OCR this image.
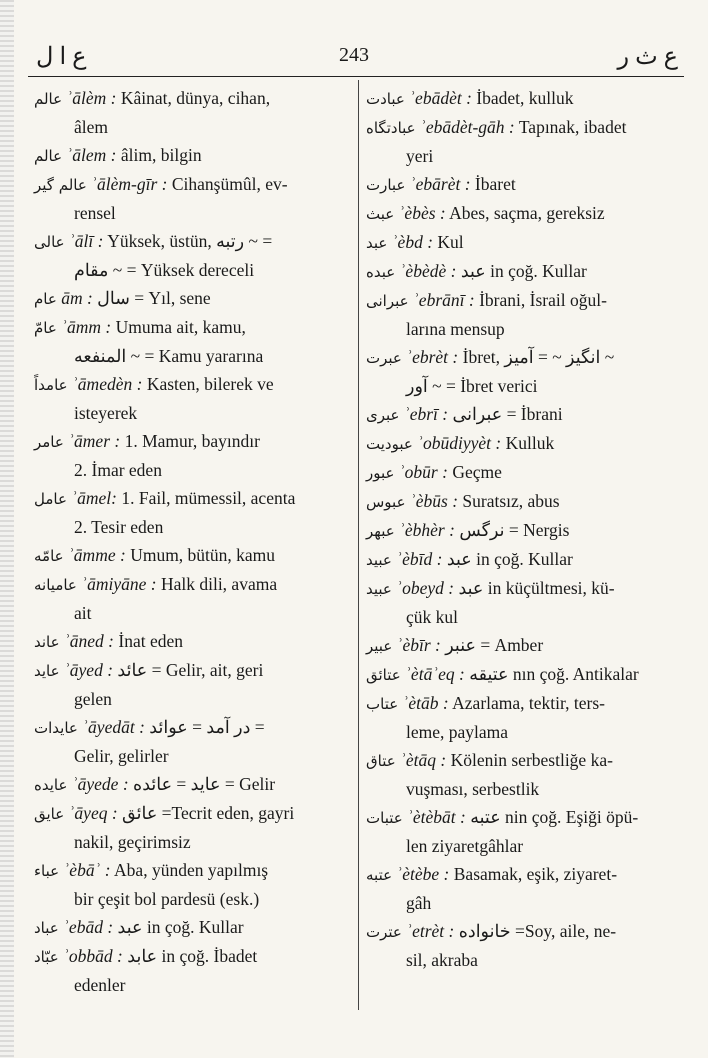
ع ا ل	243	ع ث ر
عالم ʾālèm : Kâinat, dünya, cihan,
âlem
عالم ʾālem : âlim, bilgin
عالم گير ʾālèm-gīr : Cihanşümûl, ev-
rensel
عالى ʾālī : Yüksek, üstün, رتبه ~ =
مقام ~ = Yüksek dereceli
عام ām : سال = Yıl, sene
عامّ ʾāmm : Umuma ait, kamu,
المنفعه ~ = Kamu yararına
عامداً ʾāmedèn : Kasten, bilerek ve
isteyerek
عامر ʾāmer : 1. Mamur, bayındır
2. İmar eden
عامل ʾāmel: 1. Fail, mümessil, acenta
2. Tesir eden
عامّه ʾāmme : Umum, bütün, kamu
عاميانه ʾāmiyāne : Halk dili, avama
ait
عاند ʾāned : İnat eden
عايد ʾāyed : عائد = Gelir, ait, geri
gelen
عايدات ʾāyedāt : در آمد = عوائد =
Gelir, gelirler
عايده ʾāyede : عايد = عائده = Gelir
عايق ʾāyeq : عائق =Tecrit eden, gayri
nakil, geçirimsiz
عباء ʾèbāʾ : Aba, yünden yapılmış
bir çeşit bol pardesü (esk.)
عباد ʾebād : عبد in çoğ. Kullar
عبّاد ʾobbād : عابد in çoğ. İbadet
edenler
عبادت ʾebādèt : İbadet, kulluk
عبادتگاه ʾebādèt-gāh : Tapınak, ibadet
yeri
عبارت ʾebārèt : İbaret
عبث ʾèbès : Abes, saçma, gereksiz
عبد ʾèbd : Kul
عبده ʾèbèdè : عبد in çoğ. Kullar
عبرانى ʾebrānī : İbrani, İsrail oğul-
larına mensup
عبرت ʾebrèt : İbret, انگيز ~ = آميز ~
آور ~ = İbret verici
عبرى ʾebrī : عبرانى = İbrani
عبوديت ʾobūdiyyèt : Kulluk
عبور ʾobūr : Geçme
عبوس ʾèbūs : Suratsız, abus
عبهر ʾèbhèr : نرگس = Nergis
عبيد ʾèbīd : عبد in çoğ. Kullar
عبيد ʾobeyd : عبد in küçültmesi, kü-
çük kul
عبير ʾèbīr : عنبر = Amber
عتائق ʾètāʾeq : عتيقه nın çoğ. Antikalar
عتاب ʾètāb : Azarlama, tektir, ters-
leme, paylama
عتاق ʾètāq : Kölenin serbestliğe ka-
vuşması, serbestlik
عتبات ʾètèbāt : عتبه nin çoğ. Eşiği öpü-
len ziyaretgâhlar
عتبه ʾètèbe : Basamak, eşik, ziyaret-
gâh
عترت ʾetrèt : خانواده =Soy, aile, ne-
sil, akraba
